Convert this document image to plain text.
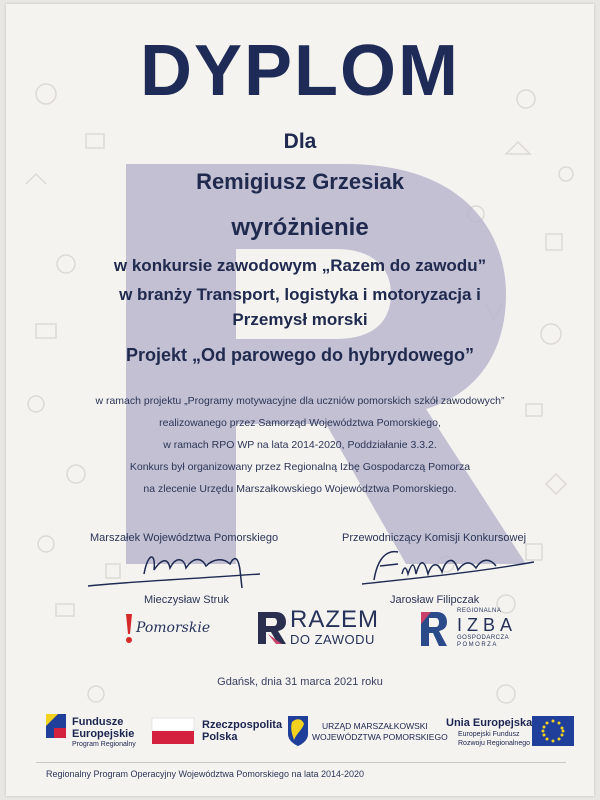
DYPLOM
Dla
Remigiusz Grzesiak
wyróżnienie
w konkursie zawodowym „Razem do zawodu”
w branży Transport, logistyka i motoryzacja i
Przemysł morski
Projekt „Od parowego do hybrydowego”
w ramach projektu „Programy motywacyjne dla uczniów pomorskich szkół zawodowych”
realizowanego przez Samorząd Województwa Pomorskiego,
w ramach RPO WP na lata 2014-2020, Poddziałanie 3.3.2.
Konkurs był organizowany przez Regionalną Izbę Gospodarczą Pomorza
na zlecenie Urzędu Marszałkowskiego Województwa Pomorskiego.
Marszałek Województwa Pomorskiego	Przewodniczący Komisji Konkursowej
Mieczysław Struk	Jarosław Filipczak
Pomorskie	RAZEM
DO ZAWODU
REGIONALNA
IZBA
GOSPODARCZA
POMORZA
Gdańsk, dnia 31 marca 2021 roku
Fundusze
Europejskie
Program Regionalny
Rzeczpospolita
Polska
URZĄD MARSZAŁKOWSKI
WOJEWÓDZTWA POMORSKIEGO
Unia Europejska
Europejski Fundusz
Rozwoju Regionalnego
Regionalny Program Operacyjny Województwa Pomorskiego na lata 2014-2020
